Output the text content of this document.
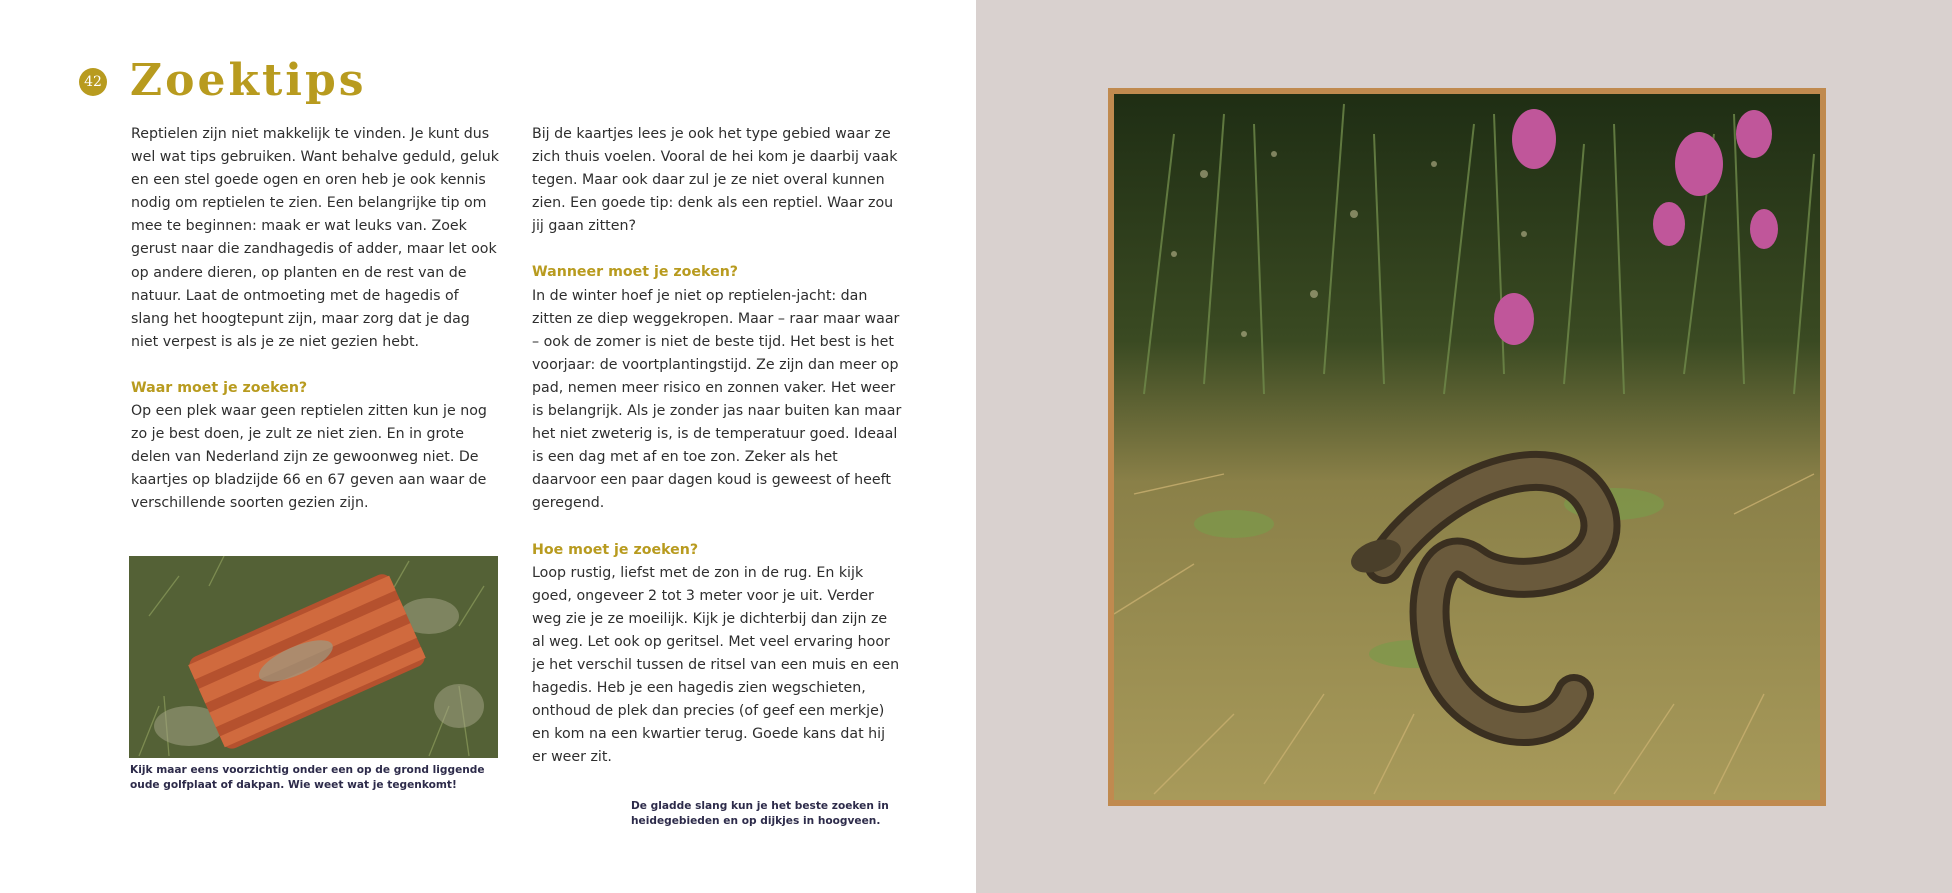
42 Zoektips

Reptielen zijn niet makkelijk te vinden. Je kunt dus wel wat tips gebruiken. Want behalve geduld, geluk en een stel goede ogen en oren heb je ook kennis nodig om reptielen te zien. Een belangrijke tip om mee te beginnen: maak er wat leuks van. Zoek gerust naar die zandhagedis of adder, maar let ook op andere dieren, op planten en de rest van de natuur. Laat de ontmoeting met de hagedis of slang het hoogtepunt zijn, maar zorg dat je dag niet verpest is als je ze niet gezien hebt.

Waar moet je zoeken?

Op een plek waar geen reptielen zitten kun je nog zo je best doen, je zult ze niet zien. En in grote delen van Nederland zijn ze gewoonweg niet. De kaartjes op bladzijde 66 en 67 geven aan waar de verschillende soorten gezien zijn.

Bij de kaartjes lees je ook het type gebied waar ze zich thuis voelen. Vooral de hei kom je daarbij vaak tegen. Maar ook daar zul je ze niet overal kunnen zien. Een goede tip: denk als een reptiel. Waar zou jij gaan zitten?

Wanneer moet je zoeken?

In de winter hoef je niet op reptielen-jacht: dan zitten ze diep weggekropen. Maar – raar maar waar – ook de zomer is niet de beste tijd. Het best is het voorjaar: de voortplantingstijd. Ze zijn dan meer op pad, nemen meer risico en zonnen vaker. Het weer is belangrijk. Als je zonder jas naar buiten kan maar het niet zweterig is, is de temperatuur goed. Ideaal is een dag met af en toe zon. Zeker als het daarvoor een paar dagen koud is geweest of heeft geregend.

Hoe moet je zoeken?

Loop rustig, liefst met de zon in de rug. En kijk goed, ongeveer 2 tot 3 meter voor je uit. Verder weg zie je ze moeilijk. Kijk je dichterbij dan zijn ze al weg. Let ook op geritsel. Met veel ervaring hoor je het verschil tussen de ritsel van een muis en een hagedis. Heb je een hagedis zien wegschieten, onthoud de plek dan precies (of geef een merkje) en kom na een kwartier terug. Goede kans dat hij er weer zit.

Kijk maar eens voorzichtig onder een op de grond liggende oude golfplaat of dakpan. Wie weet wat je tegenkomt!
De gladde slang kun je het beste zoeken in heidegebieden en op dijkjes in hoogveen.
